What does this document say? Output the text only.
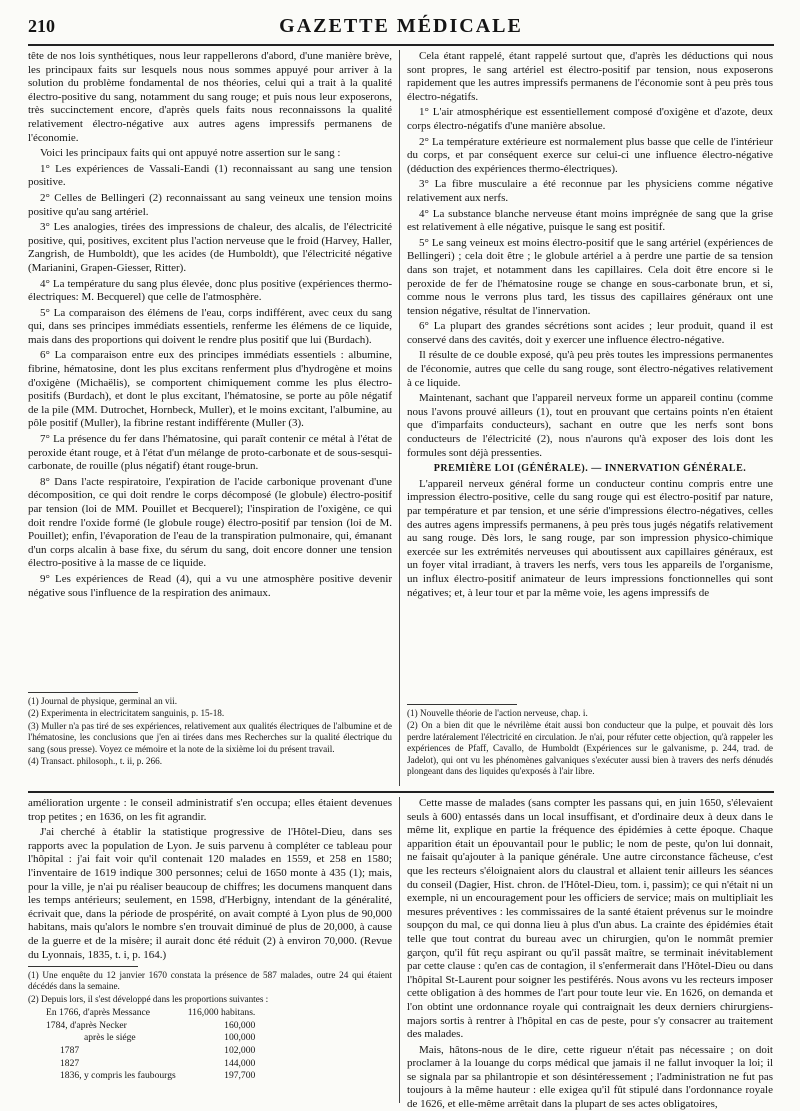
210	GAZETTE MÉDICALE

tête de nos lois synthétiques, nous leur rappellerons d'abord, d'une manière brève, les principaux faits sur lesquels nous nous sommes appuyé pour arriver à la solution du problème fondamental de nos théories, celui qui a trait à la qualité électro-positive du sang, notamment du sang rouge; et puis nous leur exposerons, très succinctement encore, d'après quels faits nous reconnaissons la qualité relativement électro-négative aux autres agens impressifs permanens de l'économie.

Voici les principaux faits qui ont appuyé notre assertion sur le sang :

1° Les expériences de Vassali-Eandi (1) reconnaissant au sang une tension positive.

2° Celles de Bellingeri (2) reconnaissant au sang veineux une tension moins positive qu'au sang artériel.

3° Les analogies, tirées des impressions de chaleur, des alcalis, de l'électricité positive, qui, positives, excitent plus l'action nerveuse que le froid (Harvey, Haller, Zangrish, de Humboldt), que les acides (de Humboldt), que l'électricité négative (Marianini, Grapen-Giesser, Ritter).

4° La température du sang plus élevée, donc plus positive (expériences thermo-électriques: M. Becquerel) que celle de l'atmosphère.

5° La comparaison des élémens de l'eau, corps indifférent, avec ceux du sang qui, dans ses principes immédiats essentiels, renferme les élémens de ce liquide, mais dans des proportions qui doivent le rendre plus positif que lui (Burdach).

6° La comparaison entre eux des principes immédiats essentiels : albumine, fibrine, hématosine, dont les plus excitans renferment plus d'hydrogène et moins d'oxigène (Michaëlis), se comportent chimiquement comme les plus électro-positifs (Burdach), et dont le plus excitant, l'hématosine, se porte au pôle négatif de la pile (MM. Dutrochet, Hornbeck, Muller), et le moins excitant, l'albumine, au pôle positif (Muller), la fibrine restant indifférente (Muller (3).

7° La présence du fer dans l'hématosine, qui paraît contenir ce métal à l'état de peroxide étant rouge, et à l'état d'un mélange de proto-carbonate et de sous-sesqui-carbonate, de rouille (plus négatif) étant rouge-brun.

8° Dans l'acte respiratoire, l'expiration de l'acide carbonique provenant d'une décomposition, ce qui doit rendre le corps décomposé (le globule) électro-positif par tension (loi de MM. Pouillet et Becquerel); l'inspiration de l'oxigène, ce qui doit rendre l'oxide formé (le globule rouge) électro-positif par tension (loi de M. Pouillet); enfin, l'évaporation de l'eau de la transpiration pulmonaire, qui, émanant d'un corps alcalin à base fixe, du sérum du sang, doit encore donner une tension électro-positive à la masse de ce liquide.

9° Les expériences de Read (4), qui a vu une atmosphère positive devenir négative sous l'influence de la respiration des animaux.

(1) Journal de physique, germinal an vii.

(2) Experimenta in electricitatem sanguinis, p. 15-18.

(3) Muller n'a pas tiré de ses expériences, relativement aux qualités électriques de l'albumine et de l'hématosine, les conclusions que j'en ai tirées dans mes Recherches sur la qualité électrique du sang (sous presse). Voyez ce mémoire et la note de la sixième loi du présent travail.

(4) Transact. philosoph., t. ii, p. 266.

Cela étant rappelé, étant rappelé surtout que, d'après les déductions qui nous sont propres, le sang artériel est électro-positif par tension, nous exposerons rapidement que les autres impressifs permanens de l'économie sont à peu près tous électro-négatifs.

1° L'air atmosphérique est essentiellement composé d'oxigène et d'azote, deux corps électro-négatifs d'une manière absolue.

2° La température extérieure est normalement plus basse que celle de l'intérieur du corps, et par conséquent exerce sur celui-ci une influence électro-négative (déduction des expériences thermo-électriques).

3° La fibre musculaire a été reconnue par les physiciens comme négative relativement aux nerfs.

4° La substance blanche nerveuse étant moins imprégnée de sang que la grise est relativement à elle négative, puisque le sang est positif.

5° Le sang veineux est moins électro-positif que le sang artériel (expériences de Bellingeri) ; cela doit être ; le globule artériel a à perdre une partie de sa tension dans son trajet, et notamment dans les capillaires. Cela doit être encore si le peroxide de fer de l'hématosine rouge se change en sous-carbonate brun, et si, comme nous le verrons plus tard, les tissus des capillaires généraux ont une tension négative, résultat de l'innervation.

6° La plupart des grandes sécrétions sont acides ; leur produit, quand il est conservé dans des cavités, doit y exercer une influence électro-négative.

Il résulte de ce double exposé, qu'à peu près toutes les impressions permanentes de l'économie, autres que celle du sang rouge, sont électro-négatives relativement à ce liquide.

Maintenant, sachant que l'appareil nerveux forme un appareil continu (comme nous l'avons prouvé ailleurs (1), tout en prouvant que certains points n'en étaient que d'imparfaits conducteurs), sachant en outre que les nerfs sont bons conducteurs de l'électricité (2), nous n'aurons qu'à exposer des lois dont les formules sont déjà pressenties.

PREMIÈRE LOI (GÉNÉRALE). — INNERVATION GÉNÉRALE.

L'appareil nerveux général forme un conducteur continu compris entre une impression électro-positive, celle du sang rouge qui est électro-positif par nature, par température et par tension, et une série d'impressions électro-négatives, celles des autres agens impressifs permanens, à peu près tous jugés négatifs relativement au sang rouge. Dès lors, le sang rouge, par son impression physico-chimique exercée sur les extrémités nerveuses qui aboutissent aux capillaires généraux, est un foyer vital irradiant, à travers les nerfs, vers tous les appareils de l'organisme, un influx électro-positif animateur de leurs impressions fonctionnelles qui sont négatives; et, à leur tour et par la même voie, les agens impressifs de

(1) Nouvelle théorie de l'action nerveuse, chap. i.

(2) On a bien dit que le névrilème était aussi bon conducteur que la pulpe, et pouvait dès lors perdre latéralement l'électricité en circulation. Je n'ai, pour réfuter cette objection, qu'à rappeler les expériences de Pfaff, Cavallo, de Humboldt (Expériences sur le galvanisme, p. 244, trad. de Jadelot), qui ont vu les phénomènes galvaniques s'exécuter aussi bien à travers des nerfs dénudés plongeant dans des liquides qu'exposés à l'air libre.

amélioration urgente : le conseil administratif s'en occupa; elles étaient devenues trop petites ; en 1636, on les fit agrandir.

J'ai cherché à établir la statistique progressive de l'Hôtel-Dieu, dans ses rapports avec la population de Lyon. Je suis parvenu à compléter ce tableau pour l'hôpital : j'ai fait voir qu'il contenait 120 malades en 1559, et 258 en 1580; l'inventaire de 1619 indique 300 personnes; celui de 1650 monte à 435 (1); mais, pour la ville, je n'ai pu réaliser beaucoup de chiffres; les documens manquent dans les temps antérieurs; seulement, en 1598, d'Herbigny, intendant de la généralité, écrivait que, dans la période de prospérité, on avait compté à Lyon plus de 90,000 habitans, mais qu'alors le nombre s'en trouvait diminué de plus de 20,000, à cause de la guerre et de la misère; il aurait donc été réduit (2) à environ 70,000. (Revue du Lyonnais, 1835, t. i, p. 164.)

(1) Une enquête du 12 janvier 1670 constata la présence de 587 malades, outre 24 qui étaient décédés dans la semaine.

(2) Depuis lors, il s'est développé dans les proportions suivantes :

En 1766, d'après Messance	116,000 habitans.
1784, d'après Necker	160,000
après le siége	100,000
1787	102,000
1827	144,000
1836, y compris les faubourgs	197,700

Cette masse de malades (sans compter les passans qui, en juin 1650, s'élevaient seuls à 600) entassés dans un local insuffisant, et d'ordinaire deux à deux dans le même lit, explique en partie la fréquence des épidémies à cette époque. Chaque apparition était un épouvantail pour le public; le nom de peste, qu'on lui donnait, ne faisait qu'ajouter à la panique générale. Une autre circonstance fâcheuse, c'est que les recteurs s'éloignaient alors du claustral et allaient tenir ailleurs les séances du conseil (Dagier, Hist. chron. de l'Hôtel-Dieu, tom. i, passim); ce qui n'était ni un exemple, ni un encouragement pour les officiers de service; mais on multipliait les mesures préventives : les commissaires de la santé étaient prévenus sur le moindre soupçon du mal, ce qui donna lieu à plus d'un abus. La crainte des épidémies était telle que tout contrat du bureau avec un chirurgien, qu'on le nommât premier garçon, qu'il fût reçu aspirant ou qu'il passât maître, se terminait inévitablement par cette clause : qu'en cas de contagion, il s'enfermerait dans l'Hôtel-Dieu ou dans l'hôpital St-Laurent pour soigner les pestiférés. Nous avons vu les recteurs imposer cette obligation à des hommes de l'art pour toute leur vie. En 1626, on demanda et l'on obtint une ordonnance royale qui contraignait les deux derniers chirurgiens-majors sortis à rentrer à l'hôpital en cas de peste, pour s'y consacrer au traitement des malades.

Mais, hâtons-nous de le dire, cette rigueur n'était pas nécessaire ; on doit proclamer à la louange du corps médical que jamais il ne fallut invoquer la loi; il se signala par sa philantropie et son désintéressement ; l'administration ne fut pas toujours à la même hauteur : elle exigea qu'il fût stipulé dans l'ordonnance royale de 1626, et elle-même arrêtait dans la plupart de ses actes obligatoires,
